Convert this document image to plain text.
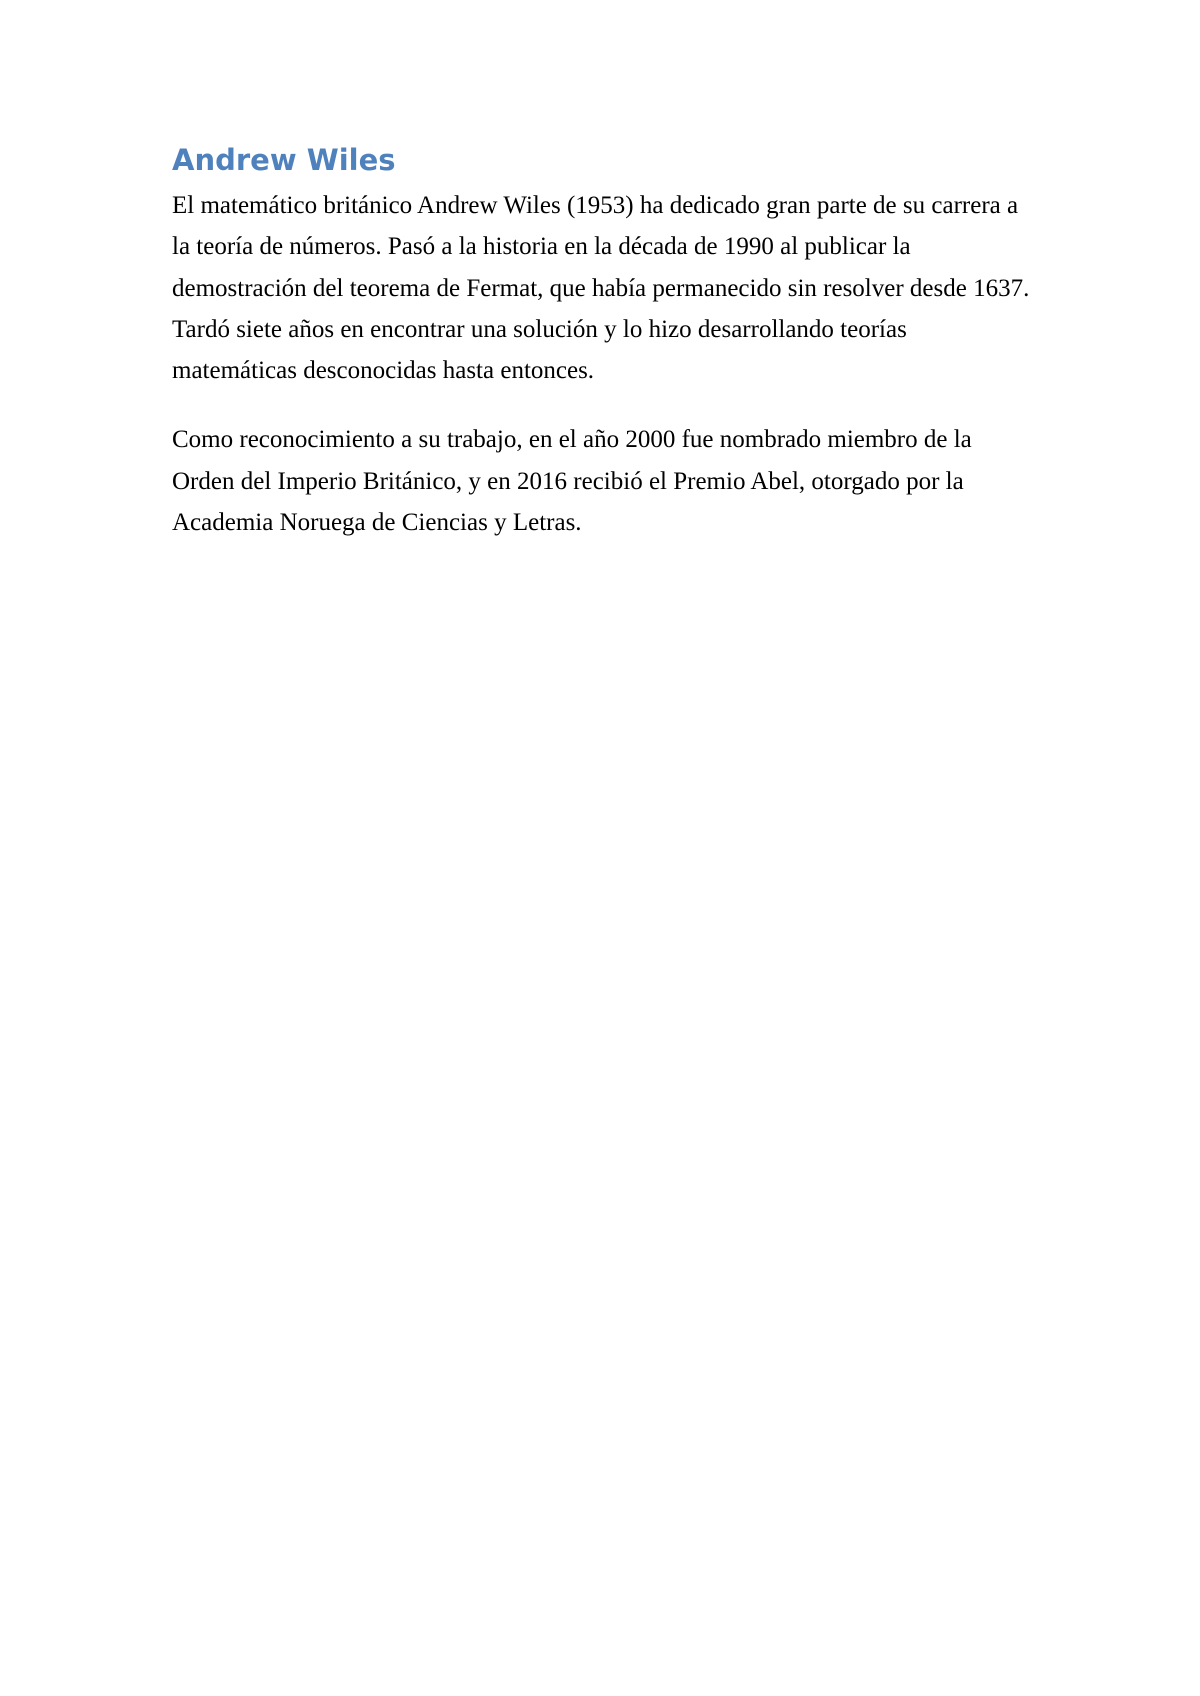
Andrew Wiles

El matemático británico Andrew Wiles (1953) ha dedicado gran parte de su carrera a la teoría de números. Pasó a la historia en la década de 1990 al publicar la demostración del teorema de Fermat, que había permanecido sin resolver desde 1637. Tardó siete años en encontrar una solución y lo hizo desarrollando teorías matemáticas desconocidas hasta entonces.

Como reconocimiento a su trabajo, en el año 2000 fue nombrado miembro de la Orden del Imperio Británico, y en 2016 recibió el Premio Abel, otorgado por la Academia Noruega de Ciencias y Letras.
